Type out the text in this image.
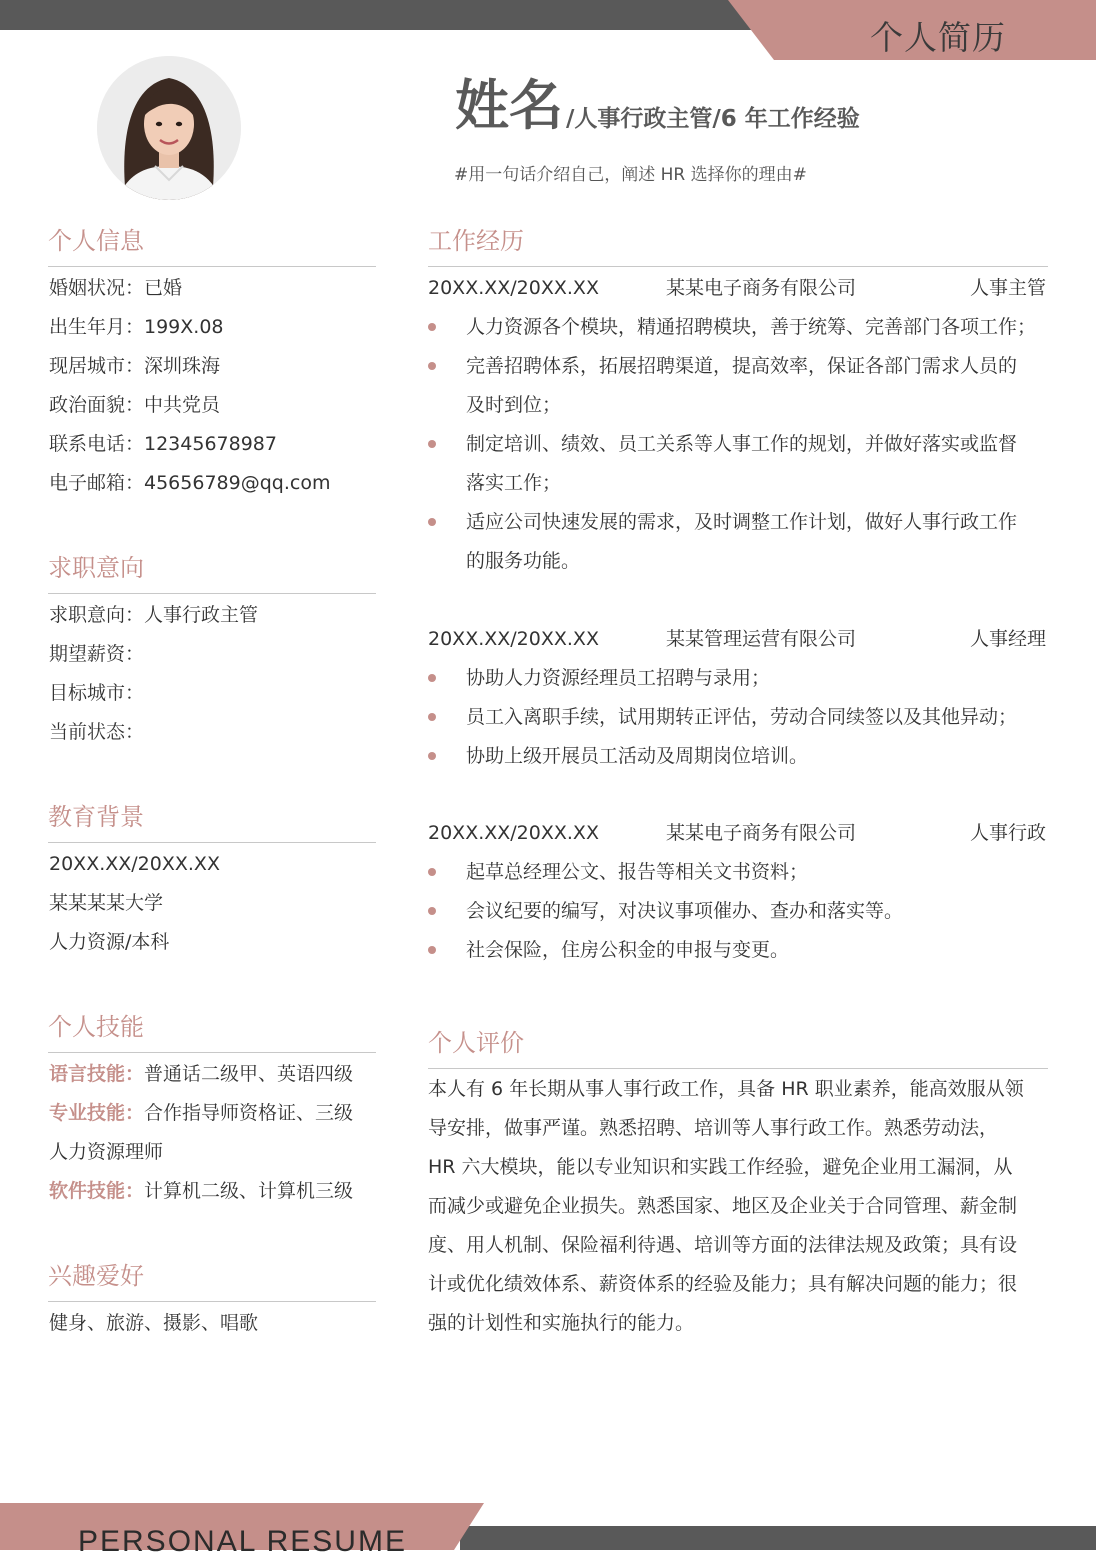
个人简历
姓名 /人事行政主管/6 年工作经验
#用一句话介绍自己，阐述 HR 选择你的理由#
个人信息
婚姻状况：已婚
出生年月：199X.08
现居城市：深圳珠海
政治面貌：中共党员
联系电话：12345678987
电子邮箱：45656789@qq.com
求职意向
求职意向：人事行政主管
期望薪资：
目标城市：
当前状态：
教育背景
20XX.XX/20XX.XX
某某某某大学
人力资源/本科
个人技能
语言技能：普通话二级甲、英语四级
专业技能：合作指导师资格证、三级
人力资源理师
软件技能：计算机二级、计算机三级
兴趣爱好
健身、旅游、摄影、唱歌
工作经历
20XX.XX/20XX.XX	某某电子商务有限公司	人事主管
人力资源各个模块，精通招聘模块，善于统筹、完善部门各项工作；
完善招聘体系，拓展招聘渠道，提高效率，保证各部门需求人员的
及时到位；
制定培训、绩效、员工关系等人事工作的规划，并做好落实或监督
落实工作；
适应公司快速发展的需求，及时调整工作计划，做好人事行政工作
的服务功能。
20XX.XX/20XX.XX	某某管理运营有限公司	人事经理
协助人力资源经理员工招聘与录用；
员工入离职手续，试用期转正评估，劳动合同续签以及其他异动；
协助上级开展员工活动及周期岗位培训。
20XX.XX/20XX.XX	某某电子商务有限公司	人事行政
起草总经理公文、报告等相关文书资料；
会议纪要的编写，对决议事项催办、查办和落实等。
社会保险，住房公积金的申报与变更。
个人评价
本人有 6 年长期从事人事行政工作，具备 HR 职业素养，能高效服从领
导安排，做事严谨。熟悉招聘、培训等人事行政工作。熟悉劳动法，
HR 六大模块，能以专业知识和实践工作经验，避免企业用工漏洞，从
而减少或避免企业损失。熟悉国家、地区及企业关于合同管理、薪金制
度、用人机制、保险福利待遇、培训等方面的法律法规及政策；具有设
计或优化绩效体系、薪资体系的经验及能力；具有解决问题的能力；很
强的计划性和实施执行的能力。
PERSONAL RESUME
